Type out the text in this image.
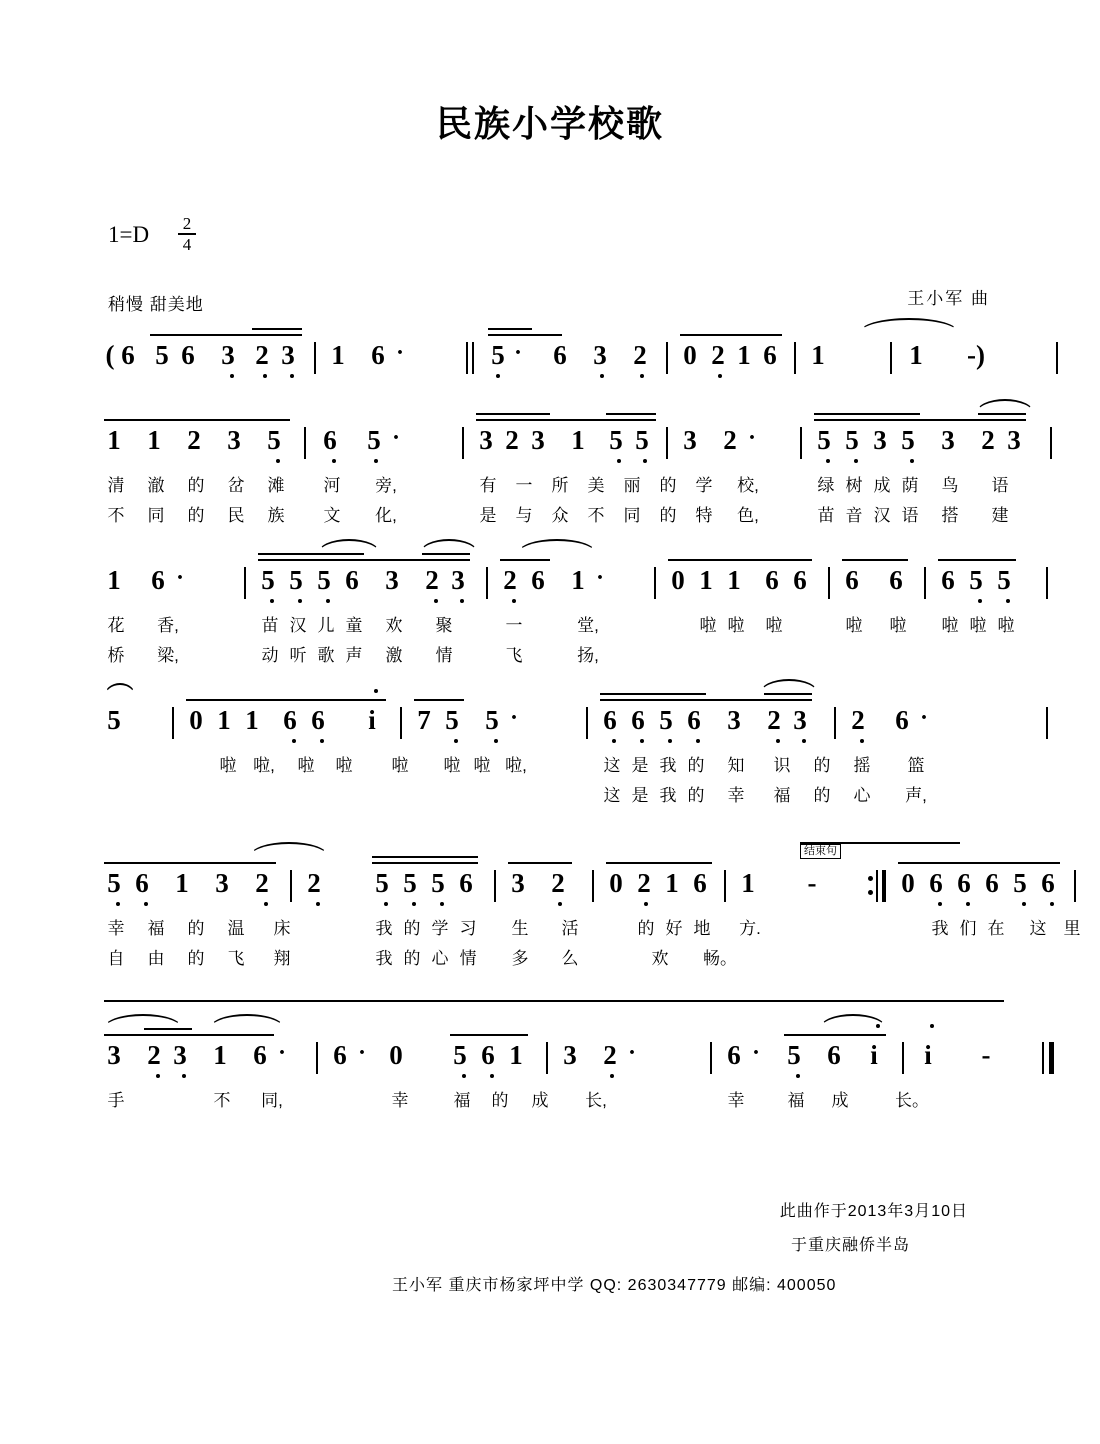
民族小学校歌
1=D	2
4
稍慢 甜美地	王小军 曲

(

6

5

6

3

2

3

1

6

·

	5

·

6

3

2

0

2

1

6

1

	1

-)

1

1

2

3

5

6

5

·

	3

2

3

1

5

5

3

2

·

5

5

3

5

3

2

3

清

澈

的

岔

滩

河

旁,

	有

一

所

美

丽

的

学

校,

	绿

树

成

荫

鸟

语

不

同

的

民

族

文

化,

	是

与

众

不

同

的

特

色,

	苗

音

汉

语

搭

建

1

6

·

	5

5

5

6

3

2

3

2

6

1

·

0

1

1

6

6

6

6

6

5

5

花

香,

	苗

汉

儿

童

欢

聚

	一

	堂,

	啦

啦

啦

	啦

啦

啦

啦

啦

桥

梁,

	动

听

歌

声

激

情

	飞

	扬,

5

	0

1

1

6

6

i

7

5

5

·

	6

6

5

6

3

2

3

2

6

·

啦

啦,

啦

啦

啦

啦

啦

啦,

	这

是

我

的

知

识

的

摇

篮

这

是

我

的

幸

福

的

心

声,

结束句

5

6

1

3

2

2

5

5

5

6

3

2

0

2

1

6

1

-

	0

6

6

6

5

6

幸

福

的

温

床

	我

的

学

习

生

活

	的

好

地

方.

	我

们

在

这

里

自

由

的

飞

翔

	我

的

心

情

多

么

	欢

畅。

3

2

3

1

6

·

6

·

0

5

6

1

3

2

·

	6

·

5

6

i

i

-

手

	不

同,

	幸

	福

的

成

长,

	幸

	福

成

	长。

此曲作于2013年3月10日
于重庆融侨半岛
王小军 重庆市杨家坪中学 QQ: 2630347779 邮编: 400050
